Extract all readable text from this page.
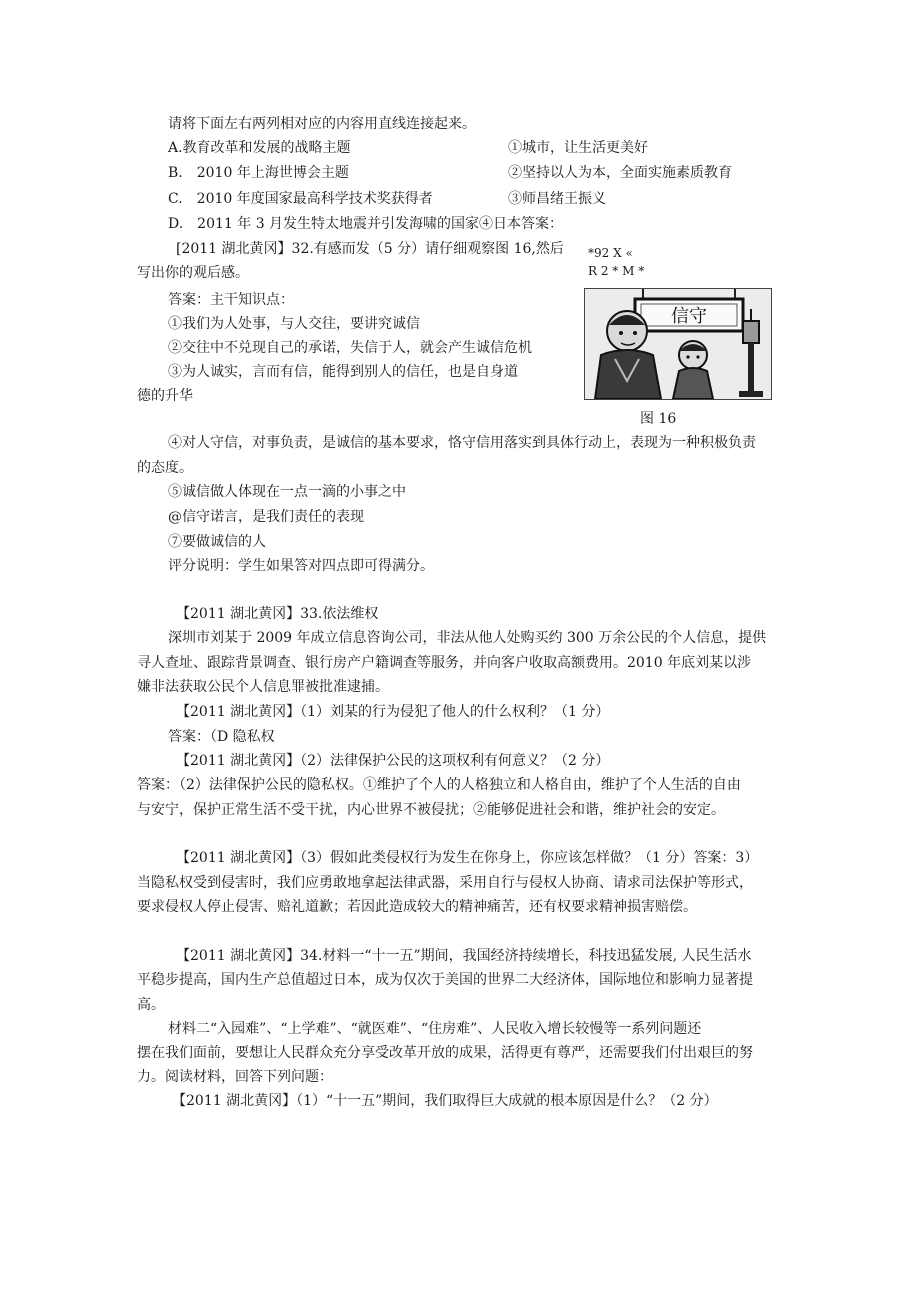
请将下面左右两列相对应的内容用直线连接起来。
A.教育改革和发展的战略主题
B.　2010 年上海世博会主题
C.　2010 年度国家最高科学技术奖获得者
D.　2011 年 3 月发生特太地震并引发海啸的国家④日本答案：
①城市，让生活更美好
②坚持以人为本，全面实施素质教育
③师昌绪王振义
[2011 湖北黄冈】32.有感而发（5 分）请仔细观察图 16,然后
写出你的观后感。
*92 X «
R 2 * M *
答案：主干知识点：
①我们为人处事，与人交往，要讲究诚信
②交往中不兑现自己的承诺，失信于人，就会产生诚信危机
③为人诚实，言而有信，能得到别人的信任，也是自身道
德的升华
信守
图 16
④对人守信，对事负责，是诚信的基本要求，恪守信用落实到具体行动上，表现为一种积极负责
的态度。
⑤诚信做人体现在一点一滴的小事之中
@信守诺言，是我们责任的表现
⑦要做诚信的人
评分说明：学生如果答对四点即可得满分。
【2011 湖北黄冈】33.依法维权
深圳市刘某于 2009 年成立信息咨询公司，非法从他人处购买约 300 万余公民的个人信息，提供
寻人查址、跟踪背景调查、银行房产户籍调查等服务，并向客户收取高额费用。2010 年底刘某以涉
嫌非法获取公民个人信息罪被批准逮捕。
【2011 湖北黄冈】（1）刘某的行为侵犯了他人的什么权利？（1 分）
答案：（D 隐私权
【2011 湖北黄冈】（2）法律保护公民的这项权利有何意义？（2 分）
答案：（2）法律保护公民的隐私权。①维护了个人的人格独立和人格自由，维护了个人生活的自由
与安宁，保护正常生活不受干扰，内心世界不被侵扰；②能够促进社会和谐，维护社会的安定。
【2011 湖北黄冈】（3）假如此类侵权行为发生在你身上，你应该怎样做？（1 分）答案：3）
当隐私权受到侵害时，我们应勇敢地拿起法律武器，采用自行与侵权人协商、请求司法保护等形式，
要求侵权人停止侵害、赔礼道歉；若因此造成较大的精神痛苦，还有权要求精神损害赔偿。
【2011 湖北黄冈】34.材料一“十一五”期间，我国经济持续增长，科技迅猛发展, 人民生活水
平稳步提高，国内生产总值超过日本，成为仅次于美国的世界二大经济体，国际地位和影响力显著提
高。
材料二“入园难”、“上学难”、“就医难”、“住房难”、人民收入增长较慢等一系列问题还
摆在我们面前，要想让人民群众充分享受改革开放的成果，活得更有尊严，还需要我们付出艰巨的努
力。阅读材料，回答下列问题：
【2011 湖北黄冈】（1）“十一五”期间，我们取得巨大成就的根本原因是什么？（2 分）
